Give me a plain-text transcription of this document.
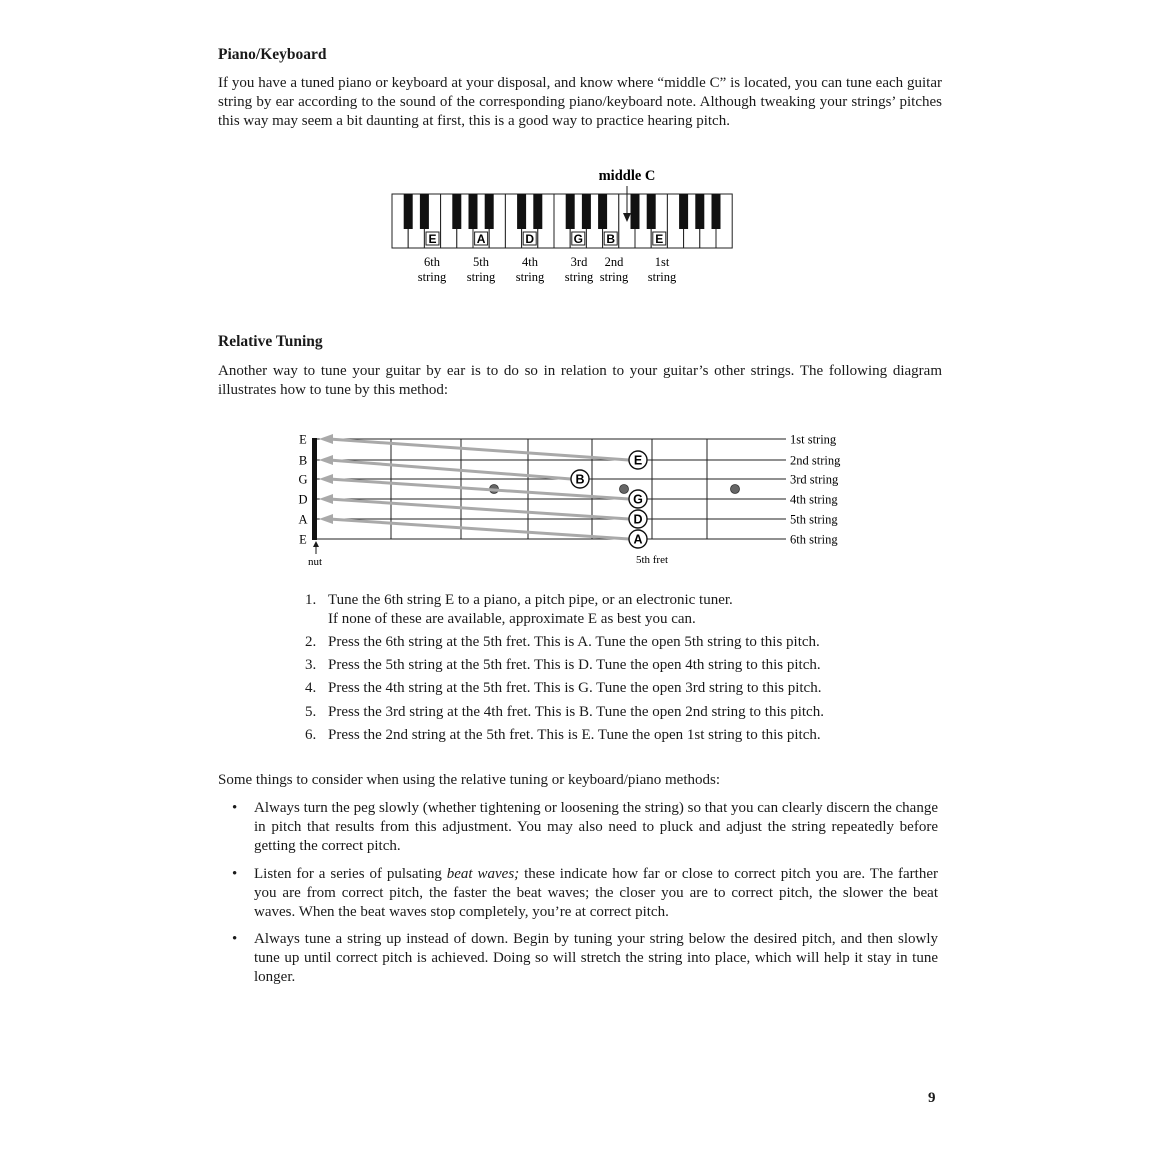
Piano/Keyboard

If you have a tuned piano or keyboard at your disposal, and know where “middle C” is located, you can tune each guitar string by ear according to the sound of the corresponding piano/keyboard note. Although tweaking your strings’ pitches this way may seem a bit daunting at first, this is a good way to practice hearing pitch.

middle C
E	A	D	G B	E
6th
string
5th
string
4th
string
3rd
string
2nd
string
1st
string
Relative Tuning

Another way to tune your guitar by ear is to do so in relation to your guitar’s other strings. The following diagram illustrates how to tune by this method:

E
B
G
D
A
E
B
G
D
A
E
1st string
2nd string
3rd string
4th string
5th string
6th string
nut	5th fret
1. Tune the 6th string E to a piano, a pitch pipe, or an electronic tuner.
If none of these are available, approximate E as best you can.
2. Press the 6th string at the 5th fret. This is A. Tune the open 5th string to this pitch.
3. Press the 5th string at the 5th fret. This is D. Tune the open 4th string to this pitch.
4. Press the 4th string at the 5th fret. This is G. Tune the open 3rd string to this pitch.
5. Press the 3rd string at the 4th fret. This is B. Tune the open 2nd string to this pitch.
6. Press the 2nd string at the 5th fret. This is E. Tune the open 1st string to this pitch.

Some things to consider when using the relative tuning or keyboard/piano methods:

• Always turn the peg slowly (whether tightening or loosening the string) so that you can clearly discern the change in pitch that results from this adjustment. You may also need to pluck and adjust the string repeatedly before getting the correct pitch.
• Listen for a series of pulsating beat waves; these indicate how far or close to correct pitch you are. The farther you are from correct pitch, the faster the beat waves; the closer you are to correct pitch, the slower the beat waves. When the beat waves stop completely, you’re at correct pitch.
• Always tune a string up instead of down. Begin by tuning your string below the desired pitch, and then slowly tune up until correct pitch is achieved. Doing so will stretch the string into place, which will help it stay in tune longer.
9
